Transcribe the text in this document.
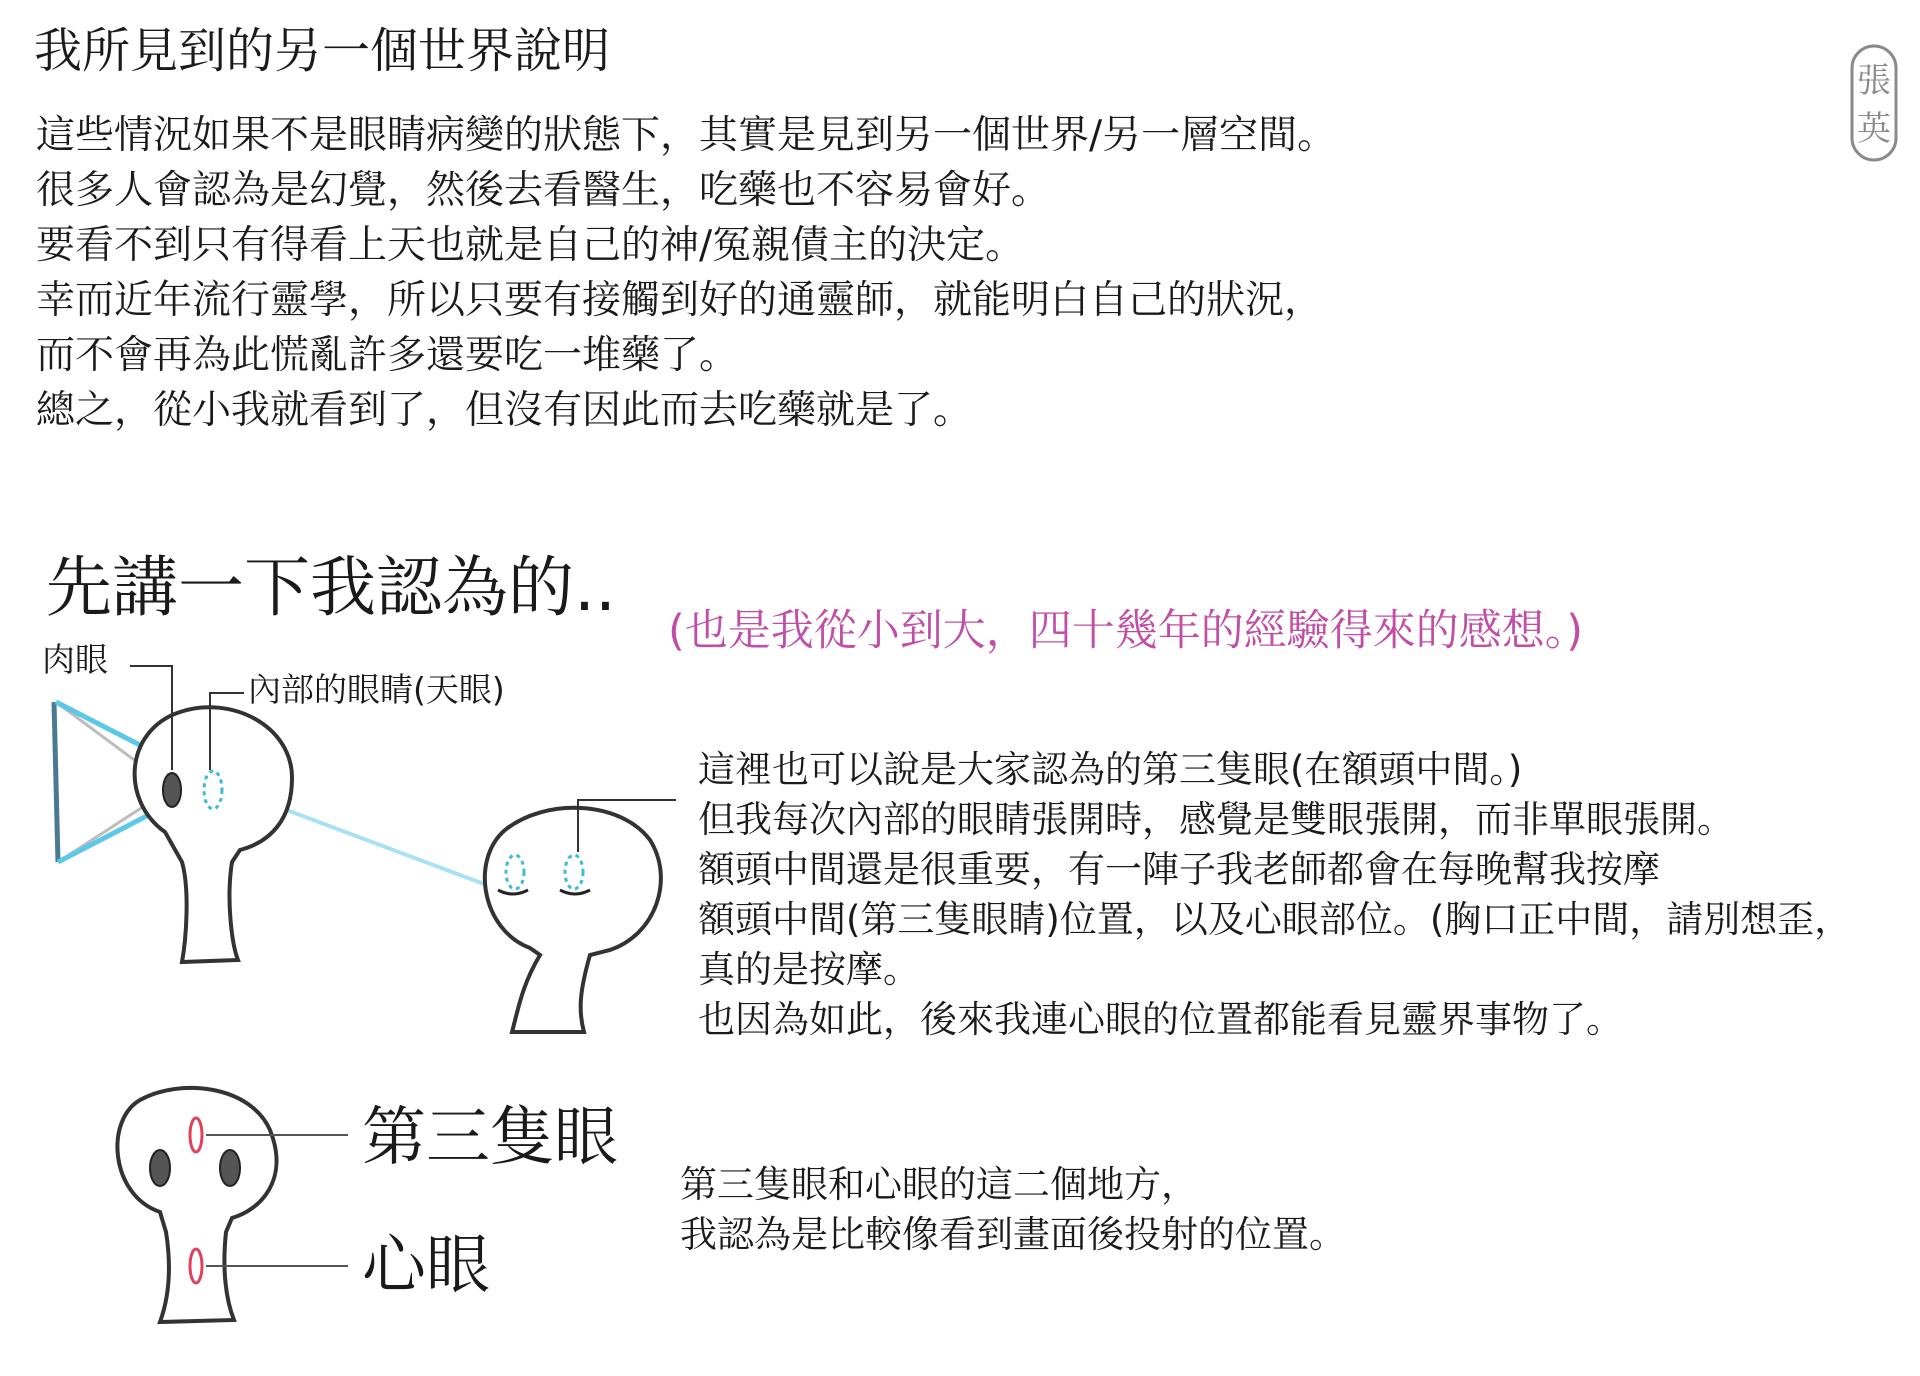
我所見到的另一個世界說明
這些情況如果不是眼睛病變的狀態下，其實是見到另一個世界/另一層空間。
很多人會認為是幻覺，然後去看醫生，吃藥也不容易會好。
要看不到只有得看上天也就是自己的神/冤親債主的決定。
幸而近年流行靈學，所以只要有接觸到好的通靈師，就能明白自己的狀況，
而不會再為此慌亂許多還要吃一堆藥了。
總之，從小我就看到了，但沒有因此而去吃藥就是了。
先講一下我認為的..
(也是我從小到大，四十幾年的經驗得來的感想。)
肉眼
內部的眼睛(天眼)
這裡也可以說是大家認為的第三隻眼(在額頭中間。)
但我每次內部的眼睛張開時，感覺是雙眼張開，而非單眼張開。
額頭中間還是很重要，有一陣子我老師都會在每晚幫我按摩
額頭中間(第三隻眼睛)位置，以及心眼部位。(胸口正中間，請別想歪，
真的是按摩。
也因為如此，後來我連心眼的位置都能看見靈界事物了。
第三隻眼
心眼
第三隻眼和心眼的這二個地方，
我認為是比較像看到畫面後投射的位置。
張
英
